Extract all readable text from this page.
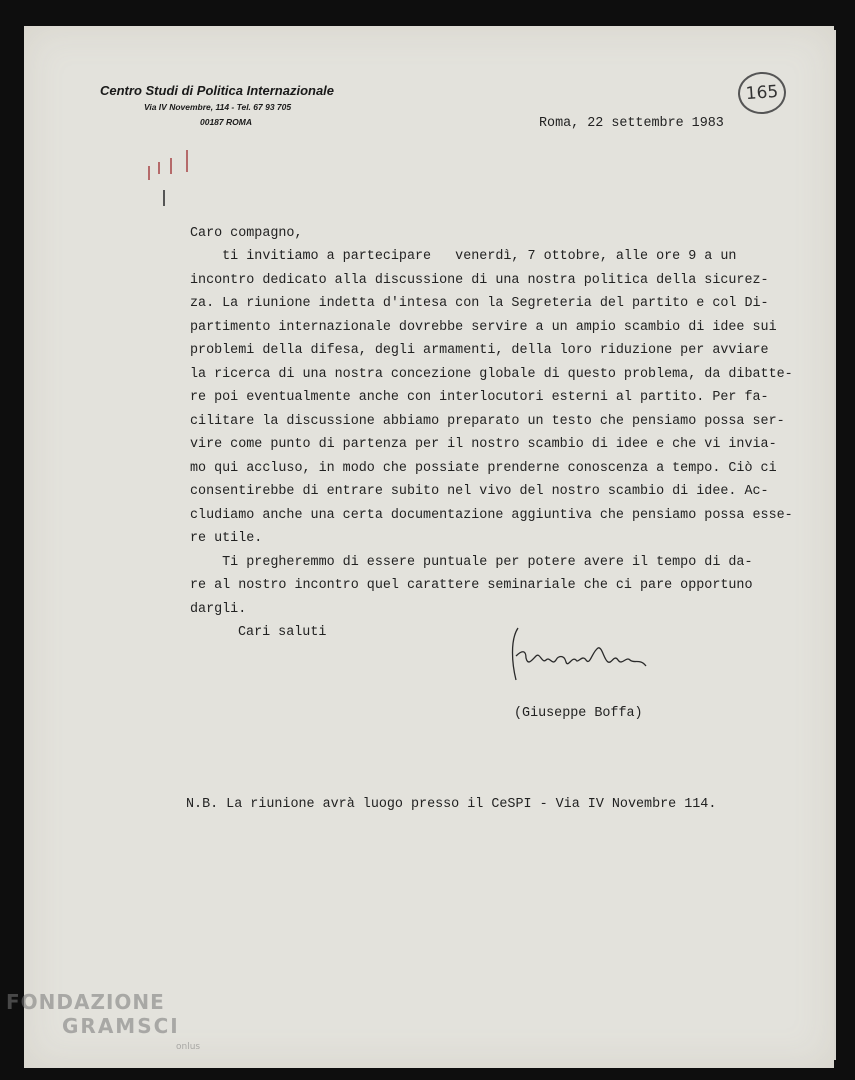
Centro Studi di Politica Internazionale
Via IV Novembre, 114 - Tel. 67 93 705
00187 ROMA
165
Roma, 22 settembre 1983
Caro compagno,
ti invitiamo a partecipare   venerdì, 7 ottobre, alle ore 9 a un
incontro dedicato alla discussione di una nostra politica della sicurez-
za. La riunione indetta d'intesa con la Segreteria del partito e col Di-
partimento internazionale dovrebbe servire a un ampio scambio di idee sui
problemi della difesa, degli armamenti, della loro riduzione per avviare
la ricerca di una nostra concezione globale di questo problema, da dibatte-
re poi eventualmente anche con interlocutori esterni al partito. Per fa-
cilitare la discussione abbiamo preparato un testo che pensiamo possa ser-
vire come punto di partenza per il nostro scambio di idee e che vi invia-
mo qui accluso, in modo che possiate prenderne conoscenza a tempo. Ciò ci
consentirebbe di entrare subito nel vivo del nostro scambio di idee. Ac-
cludiamo anche una certa documentazione aggiuntiva che pensiamo possa esse-
re utile.
Ti pregheremmo di essere puntuale per potere avere il tempo di da-
re al nostro incontro quel carattere seminariale che ci pare opportuno
dargli.
Cari saluti
(Giuseppe Boffa)
N.B. La riunione avrà luogo presso il CeSPI - Via IV Novembre 114.
FONDAZIONE
GRAMSCI
onlus
